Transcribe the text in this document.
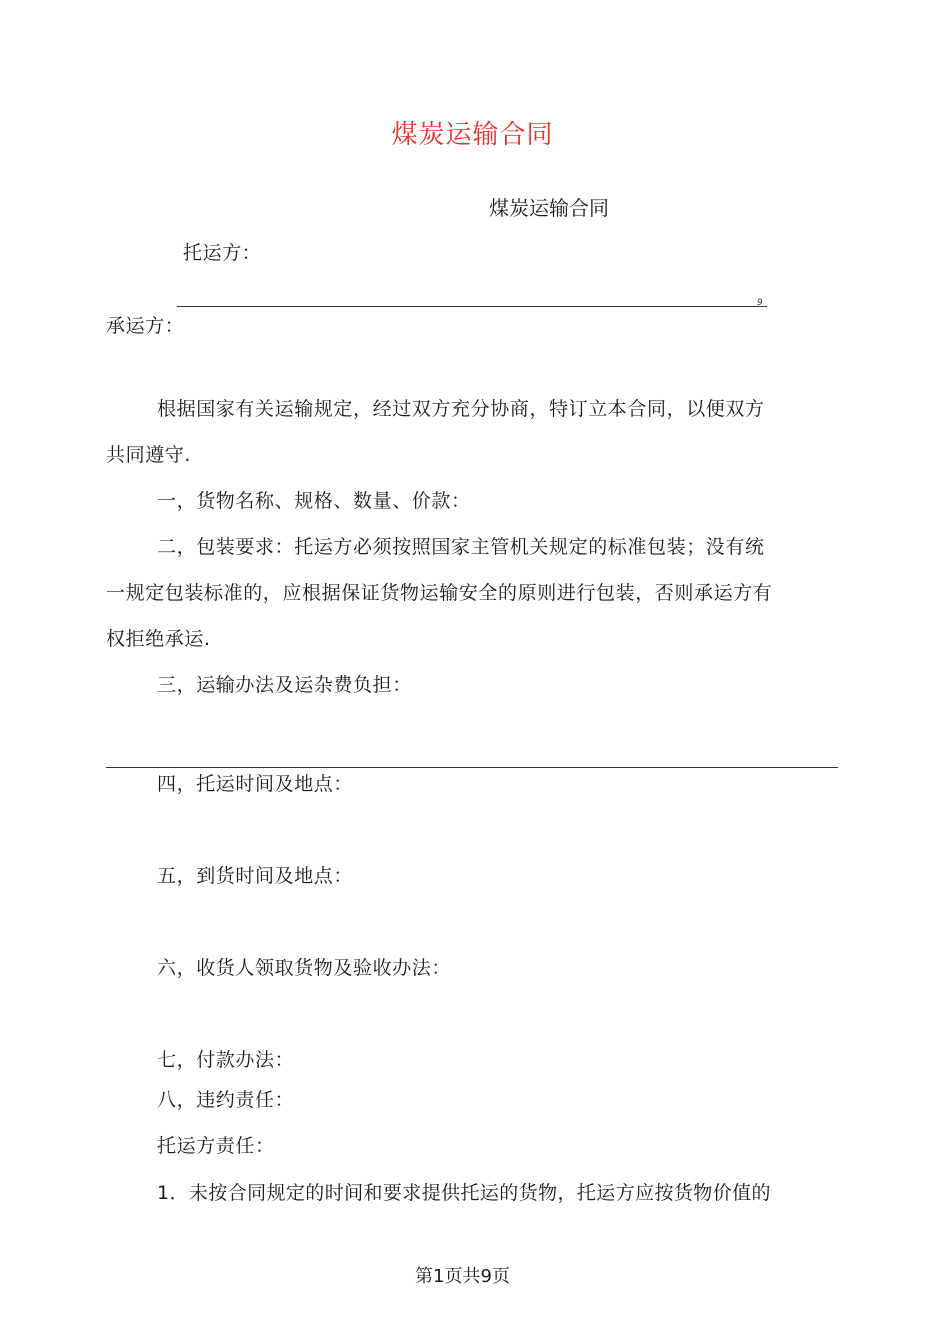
煤炭运输合同
煤炭运输合同
托运方：
9
承运方：
根据国家有关运输规定，经过双方充分协商，特订立本合同，以便双方
共同遵守.
一，货物名称、规格、数量、价款：
二，包装要求：托运方必须按照国家主管机关规定的标准包装；没有统
一规定包装标准的，应根据保证货物运输安全的原则进行包装，否则承运方有
权拒绝承运.
三，运输办法及运杂费负担：
四，托运时间及地点：
五，到货时间及地点：
六，收货人领取货物及验收办法：
七，付款办法：
八，违约责任：
托运方责任：
1．未按合同规定的时间和要求提供托运的货物，托运方应按货物价值的
第1页共9页
